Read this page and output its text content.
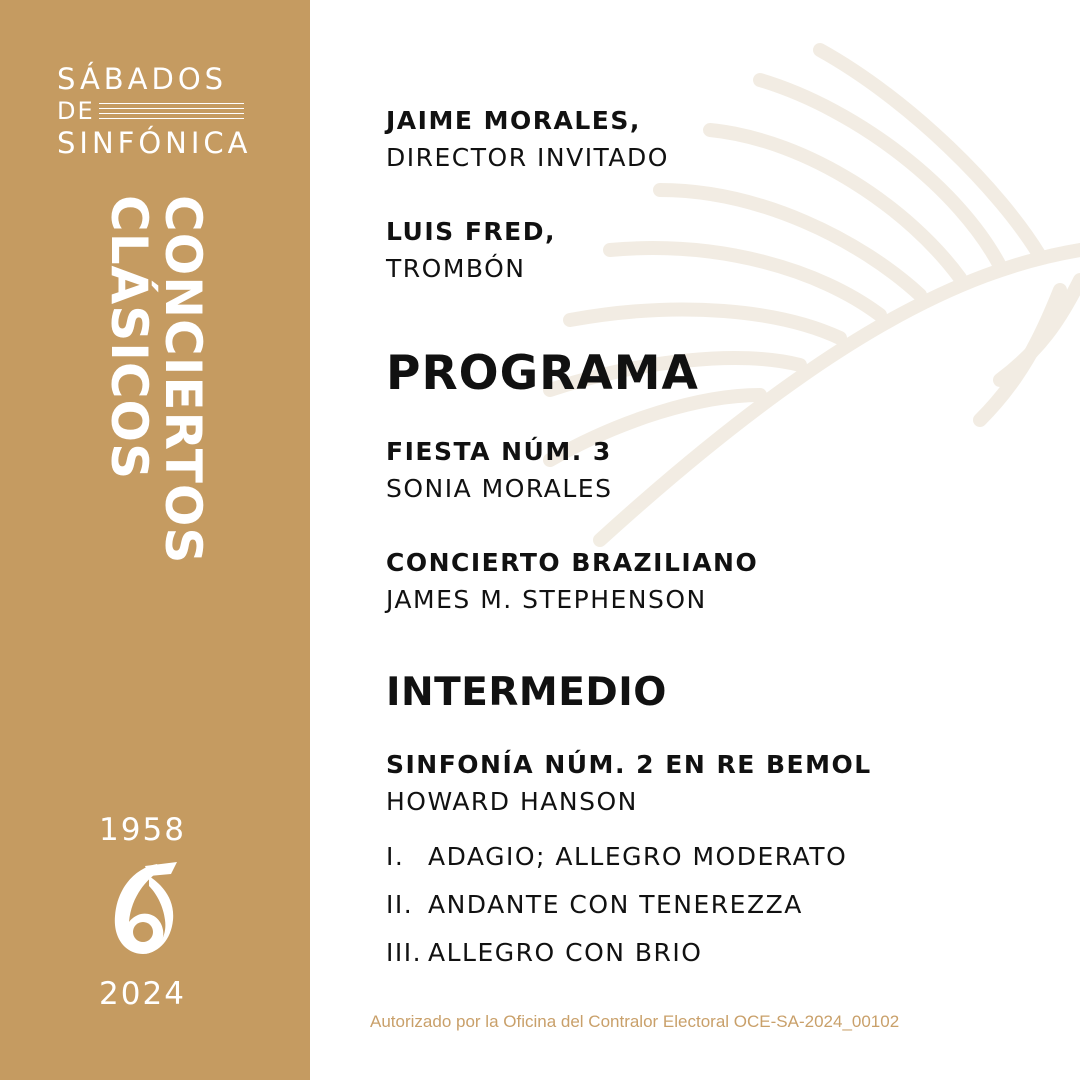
SÁBADOS
DE
SINFÓNICA
CONCIERTOS
CLÁSICOS
1958
2024
JAIME MORALES,
DIRECTOR INVITADO
LUIS FRED,
TROMBÓN
PROGRAMA
FIESTA NÚM. 3
SONIA MORALES
CONCIERTO BRAZILIANO
JAMES M. STEPHENSON
INTERMEDIO
SINFONÍA NÚM. 2 EN RE BEMOL
HOWARD HANSON
I. ADAGIO; ALLEGRO MODERATO
II. ANDANTE CON TENEREZZA
III. ALLEGRO CON BRIO
Autorizado por la Oficina del Contralor Electoral OCE-SA-2024_00102
